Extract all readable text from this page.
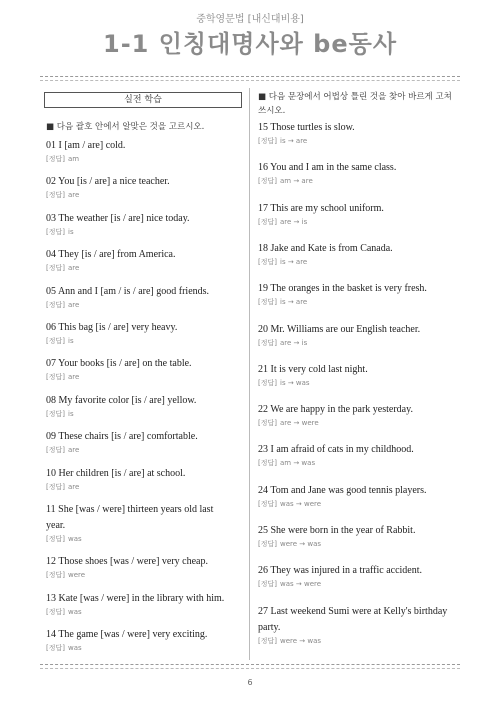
중학영문법 [내신대비용]
1-1 인칭대명사와 be동사
실전 학습
■ 다음 괄호 안에서 알맞은 것을 고르시오.
01 I [am / are] cold.
[정답] am
02 You [is / are] a nice teacher.
[정답] are
03 The weather [is / are] nice today.
[정답] is
04 They [is / are] from America.
[정답] are
05 Ann and I [am / is / are] good friends.
[정답] are
06 This bag [is / are] very heavy.
[정답] is
07 Your books [is / are] on the table.
[정답] are
08 My favorite color [is / are] yellow.
[정답] is
09 These chairs [is / are] comfortable.
[정답] are
10 Her children [is / are] at school.
[정답] are
11 She [was / were] thirteen years old last
year.
[정답] was
12 Those shoes [was / were] very cheap.
[정답] were
13 Kate [was / were] in the library with him.
[정답] was
14 The game [was / were] very exciting.
[정답] was
■ 다음 문장에서 어법상 틀린 것을 찾아 바르게 고쳐
쓰시오.
15 Those turtles is slow.
[정답] is → are
16 You and I am in the same class.
[정답] am → are
17 This are my school uniform.
[정답] are → is
18 Jake and Kate is from Canada.
[정답] is → are
19 The oranges in the basket is very fresh.
[정답] is → are
20 Mr. Williams are our English teacher.
[정답] are → is
21 It is very cold last night.
[정답] is → was
22 We are happy in the park yesterday.
[정답] are → were
23 I am afraid of cats in my childhood.
[정답] am → was
24 Tom and Jane was good tennis players.
[정답] was → were
25 She were born in the year of Rabbit.
[정답] were → was
26 They was injured in a traffic accident.
[정답] was → were
27 Last weekend Sumi were at Kelly's birthday
party.
[정답] were → was
6
